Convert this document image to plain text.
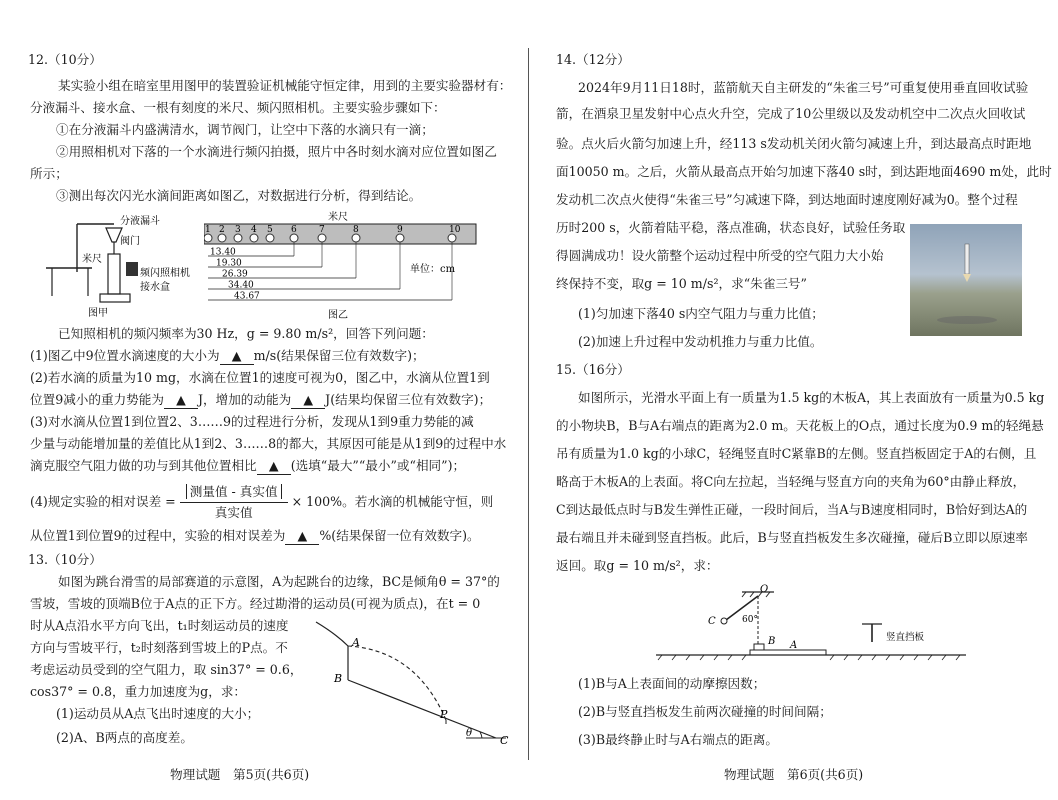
12.（10分）
某实验小组在暗室里用图甲的装置验证机械能守恒定律，用到的主要实验器材有：
分液漏斗、接水盒、一根有刻度的米尺、频闪照相机。主要实验步骤如下：
①在分液漏斗内盛满清水，调节阀门，让空中下落的水滴只有一滴；
②用照相机对下落的一个水滴进行频闪拍摄，照片中各时刻水滴对应位置如图乙
所示；
③测出每次闪光水滴间距离如图乙，对数据进行分析，得到结论。
分液漏斗
阀门
米尺
频闪照相机
接水盒
图甲
米尺
1 2 3 4 5 6 7	8	9	10
13.40
19.30
26.39
34.40
43.67
单位：cm
图乙
已知照相机的频闪频率为30 Hz，g = 9.80 m/s²，回答下列问题：
(1)图乙中9位置水滴速度的大小为 ▲ m/s(结果保留三位有效数字)；
(2)若水滴的质量为10 mg，水滴在位置1的速度可视为0，图乙中，水滴从位置1到
位置9减小的重力势能为 ▲ J，增加的动能为 ▲ J(结果均保留三位有效数字)；
(3)对水滴从位置1到位置2、3……9的过程进行分析，发现从1到9重力势能的减
少量与动能增加量的差值比从1到2、3……8的都大，其原因可能是从1到9的过程中水
滴克服空气阻力做的功与到其他位置相比 ▲ (选填“最大”“最小”或“相同”)；
(4)规定实验的相对误差 = $\frac{\text{测量值 - 真实值}}{\text{真实值}} \times 100\%$。若水滴的机械能守恒，则
从位置1到位置9的过程中，实验的相对误差为 ▲ %(结果保留一位有效数字)。
13.（10分）
如图为跳台滑雪的局部赛道的示意图，A为起跳台的边缘，BC是倾角θ = 37°的
雪坡，雪坡的顶端B位于A点的正下方。经过勘滑的运动员(可视为质点)，在t = 0
时从A点沿水平方向飞出，t₁时刻运动员的速度
方向与雪坡平行，t₂时刻落到雪坡上的P点。不
考虑运动员受到的空气阻力，取 sin37° = 0.6，
cos37° = 0.8，重力加速度为g，求：
(1)运动员从A点飞出时速度的大小；
(2)A、B两点的高度差。
A
B
P
θ
C
物理试题　第5页(共6页)
14.（12分）
2024年9月11日18时，蓝箭航天自主研发的“朱雀三号”可重复使用垂直回收试验
箭，在酒泉卫星发射中心点火升空，完成了10公里级以及发动机空中二次点火回收试
验。点火后火箭匀加速上升，经113 s发动机关闭火箭匀减速上升，到达最高点时距地
面10050 m。之后，火箭从最高点开始匀加速下落40 s时，到达距地面4690 m处，此时
发动机二次点火使得“朱雀三号”匀减速下降，到达地面时速度刚好减为0。整个过程
历时200 s，火箭着陆平稳，落点准确，状态良好，试验任务取
得圆满成功！设火箭整个运动过程中所受的空气阻力大小始
终保持不变，取g = 10 m/s²，求“朱雀三号”
(1)匀加速下落40 s内空气阻力与重力比值；
(2)加速上升过程中发动机推力与重力比值。
15.（16分）
如图所示，光滑水平面上有一质量为1.5 kg的木板A，其上表面放有一质量为0.5 kg
的小物块B，B与A右端点的距离为2.0 m。天花板上的O点，通过长度为0.9 m的轻绳悬
吊有质量为1.0 kg的小球C，轻绳竖直时C紧靠B的左侧。竖直挡板固定于A的右侧，且
略高于木板A的上表面。将C向左拉起，当轻绳与竖直方向的夹角为60°由静止释放，
C到达最低点时与B发生弹性正碰，一段时间后，当A与B速度相同时，B恰好到达A的
最右端且并未碰到竖直挡板。此后，B与竖直挡板发生多次碰撞，碰后B立即以原速率
返回。取g = 10 m/s²，求：
O
C	60°
B A
竖直挡板
(1)B与A上表面间的动摩擦因数；
(2)B与竖直挡板发生前两次碰撞的时间间隔；
(3)B最终静止时与A右端点的距离。
物理试题　第6页(共6页)
